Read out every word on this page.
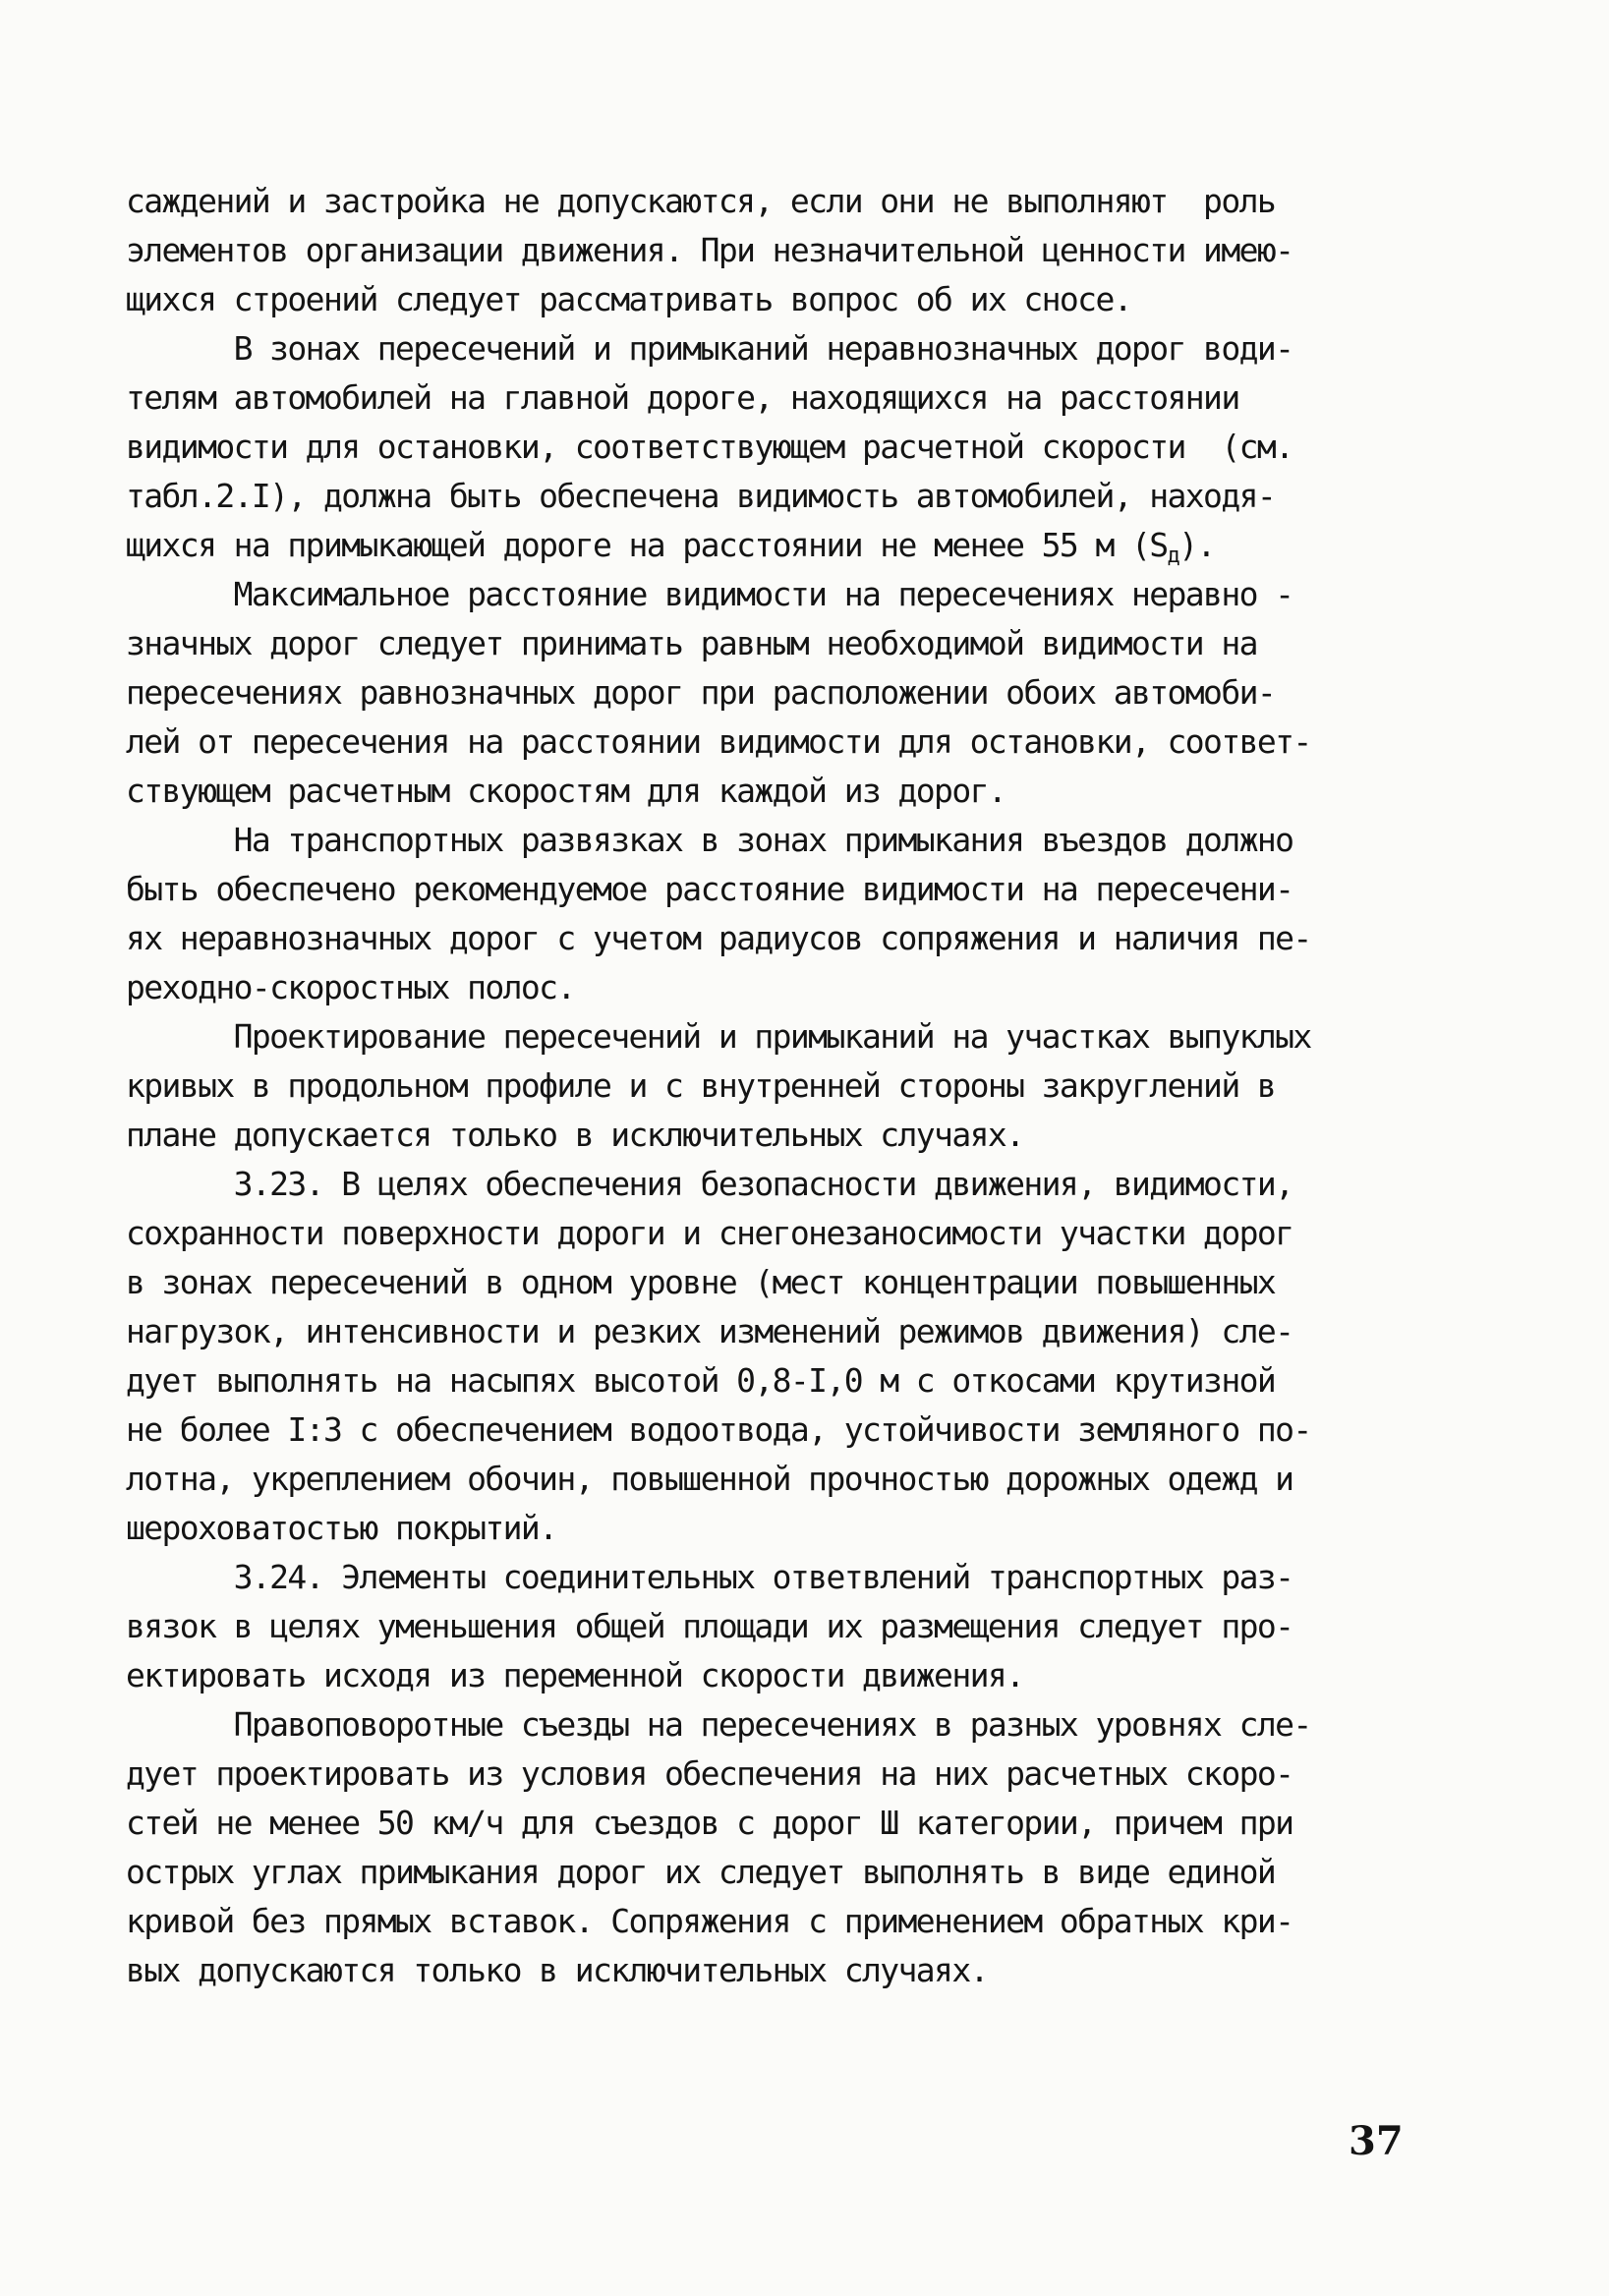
саждений и застройка не допускаются, если они не выполняют  роль
элементов организации движения. При незначительной ценности имею-
щихся строений следует рассматривать вопрос об их сносе.
В зонах пересечений и примыканий неравнозначных дорог води-
телям автомобилей на главной дороге, находящихся на расстоянии
видимости для остановки, соответствующем расчетной скорости  (см.
табл.2.I), должна быть обеспечена видимость автомобилей, находя-
щихся на примыкающей дороге на расстоянии не менее 55 м $(S_д)$.
Максимальное расстояние видимости на пересечениях неравно -
значных дорог следует принимать равным необходимой видимости на
пересечениях равнозначных дорог при расположении обоих автомоби-
лей от пересечения на расстоянии видимости для остановки, соответ-
ствующем расчетным скоростям для каждой из дорог.
На транспортных развязках в зонах примыкания въездов должно
быть обеспечено рекомендуемое расстояние видимости на пересечени-
ях неравнозначных дорог с учетом радиусов сопряжения и наличия пе-
реходно-скоростных полос.
Проектирование пересечений и примыканий на участках выпуклых
кривых в продольном профиле и с внутренней стороны закруглений в
плане допускается только в исключительных случаях.
3.23. В целях обеспечения безопасности движения, видимости,
сохранности поверхности дороги и снегонезаносимости участки дорог
в зонах пересечений в одном уровне (мест концентрации повышенных
нагрузок, интенсивности и резких изменений режимов движения) сле-
дует выполнять на насыпях высотой 0,8-I,0 м с откосами крутизной
не более I:3 с обеспечением водоотвода, устойчивости земляного по-
лотна, укреплением обочин, повышенной прочностью дорожных одежд и
шероховатостью покрытий.
3.24. Элементы соединительных ответвлений транспортных раз-
вязок в целях уменьшения общей площади их размещения следует про-
ектировать исходя из переменной скорости движения.
Правоповоротные съезды на пересечениях в разных уровнях сле-
дует проектировать из условия обеспечения на них расчетных скоро-
стей не менее 50 км/ч для съездов с дорог Ш категории, причем при
острых углах примыкания дорог их следует выполнять в виде единой
кривой без прямых вставок. Сопряжения с применением обратных кри-
вых допускаются только в исключительных случаях.
37
